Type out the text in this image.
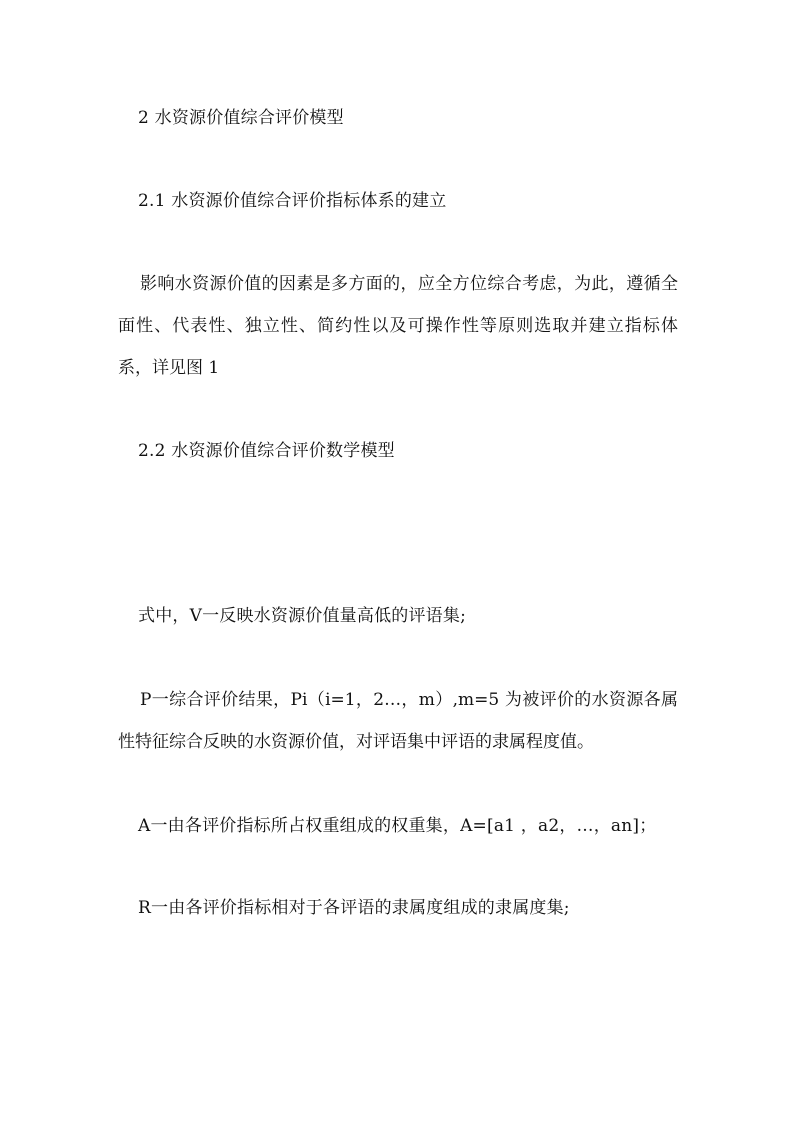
2 水资源价值综合评价模型
2.1 水资源价值综合评价指标体系的建立
影响水资源价值的因素是多方面的，应全方位综合考虑，为此，遵循全面性、代表性、独立性、简约性以及可操作性等原则选取并建立指标体系，详见图 1
2.2 水资源价值综合评价数学模型
式中，V一反映水资源价值量高低的评语集;
P一综合评价结果，Pi（i=1，2…，m）,m=5 为被评价的水资源各属性特征综合反映的水资源价值，对评语集中评语的隶属程度值。
A一由各评价指标所占权重组成的权重集，A=[a1 ，a2，…，an]；
R一由各评价指标相对于各评语的隶属度组成的隶属度集;
